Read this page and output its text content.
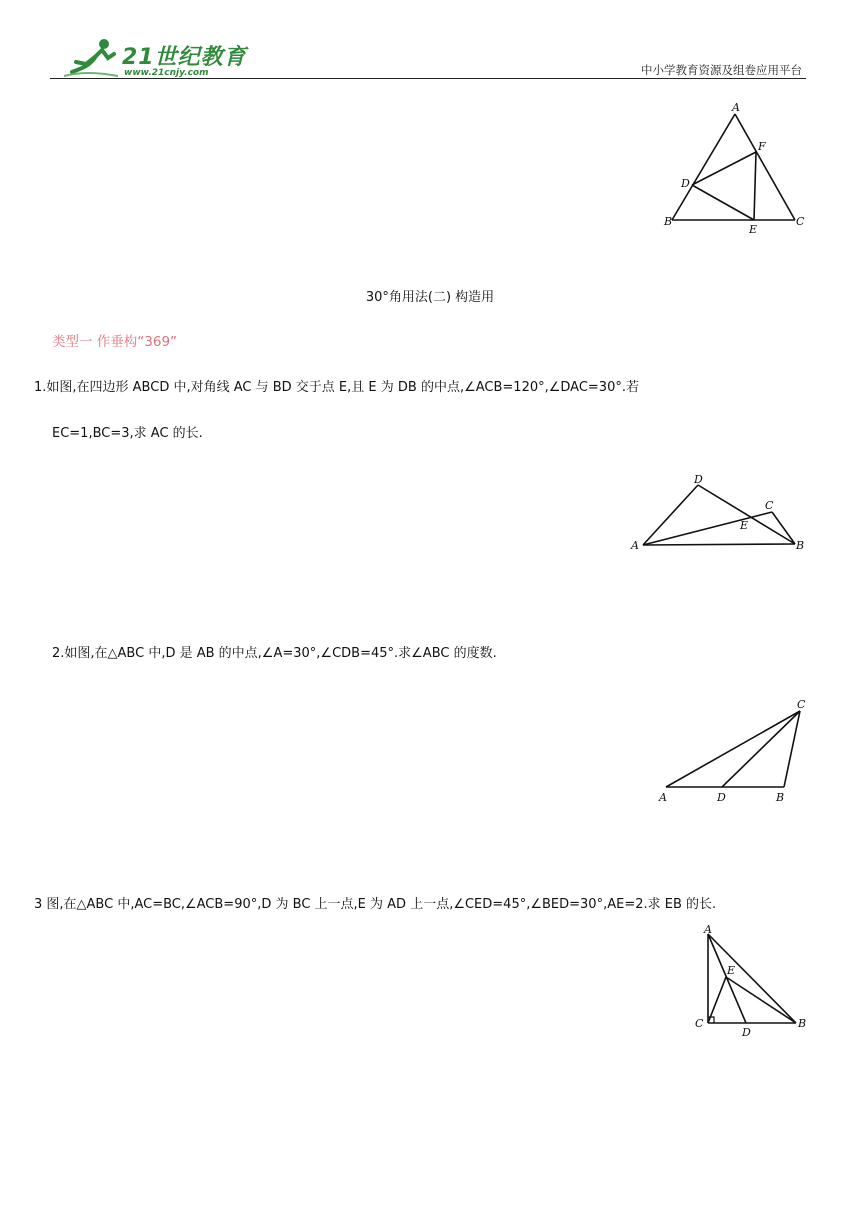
21世纪教育
www.21cnjy.com	中小学教育资源及组卷应用平台
A
F
D
B
E
C
30°角用法(二) 构造用
类型一 作垂构“369”
1.如图,在四边形 ABCD 中,对角线 AC 与 BD 交于点 E,且 E 为 DB 的中点,∠ACB=120°,∠DAC=30°.若
EC=1,BC=3,求 AC 的长.
D
C
E
A	B
2.如图,在△ABC 中,D 是 AB 的中点,∠A=30°,∠CDB=45°.求∠ABC 的度数.
C
A	D	B
3 图,在△ABC 中,AC=BC,∠ACB=90°,D 为 BC 上一点,E 为 AD 上一点,∠CED=45°,∠BED=30°,AE=2.求 EB 的长.
A
E
C	B
D
